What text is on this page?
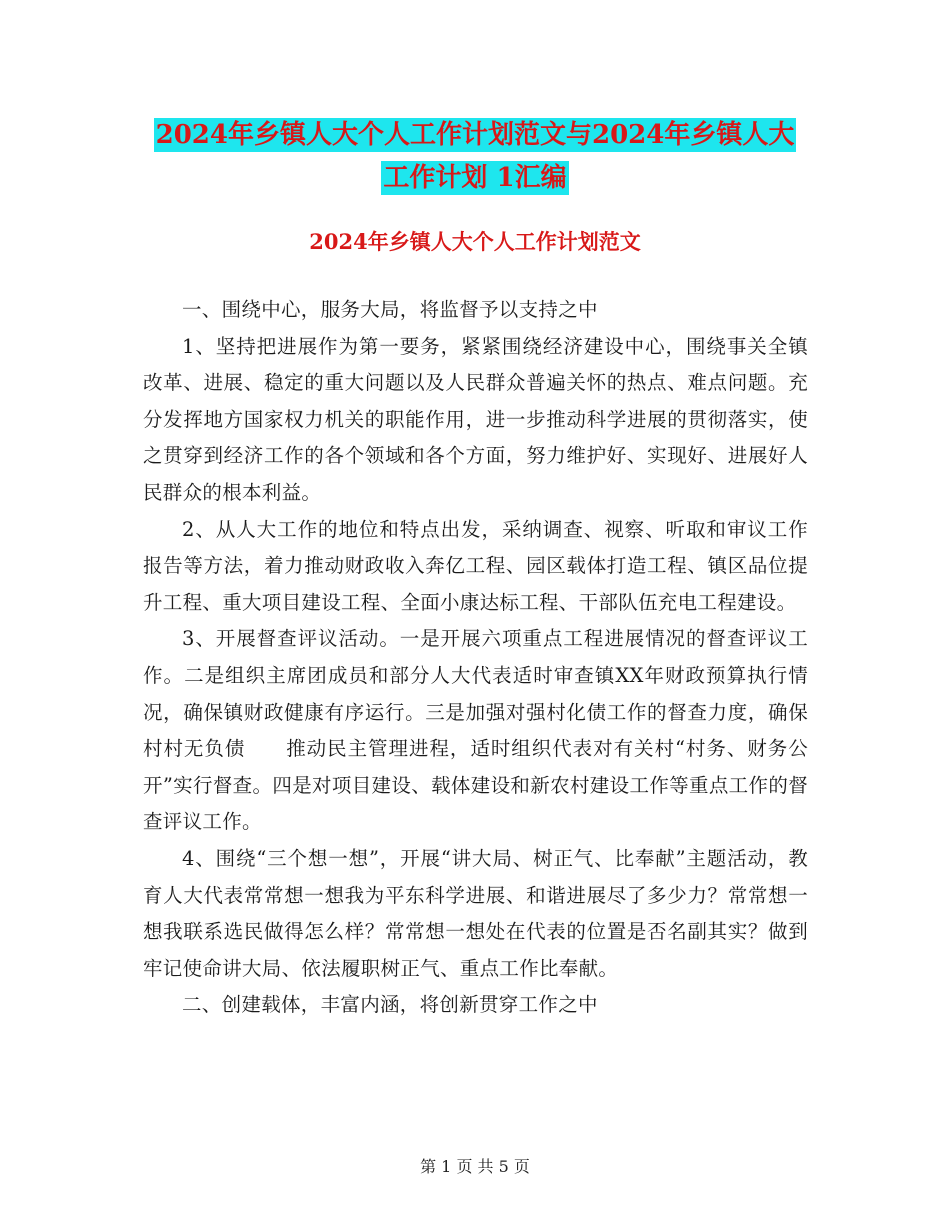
2024年乡镇人大个人工作计划范文与2024年乡镇人大
工作计划 1汇编
2024年乡镇人大个人工作计划范文

一、围绕中心，服务大局，将监督予以支持之中

1、坚持把进展作为第一要务，紧紧围绕经济建设中心，围绕事关全镇改革、进展、稳定的重大问题以及人民群众普遍关怀的热点、难点问题。充分发挥地方国家权力机关的职能作用，进一步推动科学进展的贯彻落实，使之贯穿到经济工作的各个领域和各个方面，努力维护好、实现好、进展好人民群众的根本利益。

2、从人大工作的地位和特点出发，采纳调查、视察、听取和审议工作报告等方法，着力推动财政收入奔亿工程、园区载体打造工程、镇区品位提升工程、重大项目建设工程、全面小康达标工程、干部队伍充电工程建设。

3、开展督查评议活动。一是开展六项重点工程进展情况的督查评议工作。二是组织主席团成员和部分人大代表适时审查镇XX年财政预算执行情况，确保镇财政健康有序运行。三是加强对强村化债工作的督查力度，确保村村无负债　　推动民主管理进程，适时组织代表对有关村“村务、财务公开”实行督查。四是对项目建设、载体建设和新农村建设工作等重点工作的督查评议工作。

4、围绕“三个想一想”，开展“讲大局、树正气、比奉献”主题活动，教育人大代表常常想一想我为平东科学进展、和谐进展尽了多少力？常常想一想我联系选民做得怎么样？常常想一想处在代表的位置是否名副其实？做到牢记使命讲大局、依法履职树正气、重点工作比奉献。

二、创建载体，丰富内涵，将创新贯穿工作之中

第 1 页 共 5 页
